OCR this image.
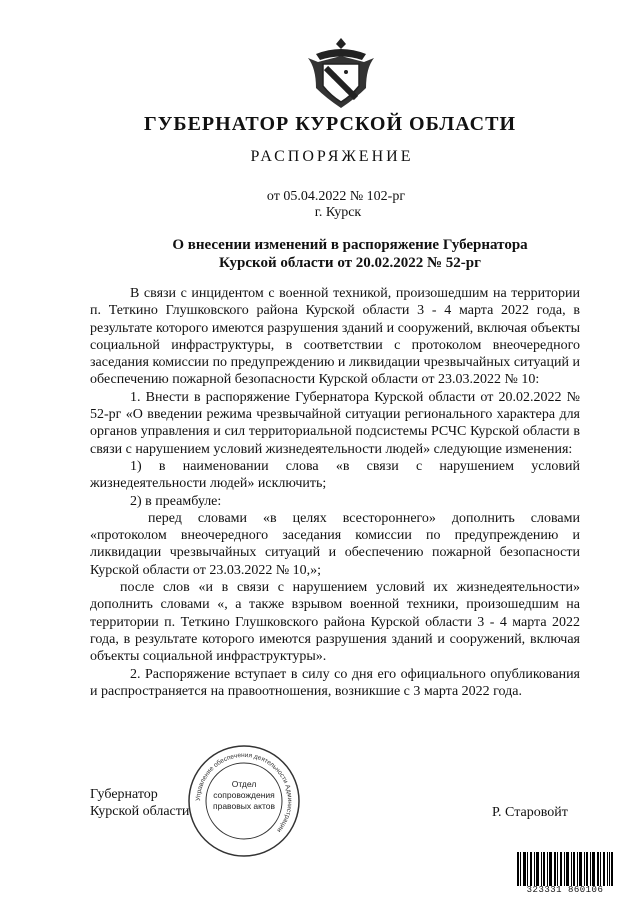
ГУБЕРНАТОР КУРСКОЙ ОБЛАСТИ
РАСПОРЯЖЕНИЕ
от 05.04.2022 № 102-рг
г. Курск
О внесении изменений в распоряжение Губернатора
Курской области от 20.02.2022 № 52-рг

В связи с инцидентом с военной техникой, произошедшим на территории п. Теткино Глушковского района Курской области 3 - 4 марта 2022 года, в результате которого имеются разрушения зданий и сооружений, включая объекты социальной инфраструктуры, в соответствии с протоколом внеочередного заседания комиссии по предупреждению и ликвидации чрезвычайных ситуаций и обеспечению пожарной безопасности Курской области от 23.03.2022 № 10:

1. Внести в распоряжение Губернатора Курской области от 20.02.2022 № 52-рг «О введении режима чрезвычайной ситуации регионального характера для органов управления и сил территориальной подсистемы РСЧС Курской области в связи с нарушением условий жизнедеятельности людей» следующие изменения:

1) в наименовании слова «в связи с нарушением условий жизнедеятельности людей» исключить;

2) в преамбуле:

перед словами «в целях всестороннего» дополнить словами «протоколом внеочередного заседания комиссии по предупреждению и ликвидации чрезвычайных ситуаций и обеспечению пожарной безопасности Курской области от 23.03.2022 № 10,»;

после слов «и в связи с нарушением условий их жизнедеятельности» дополнить словами «, а также взрывом военной техники, произошедшим на территории п. Теткино Глушковского района Курской области 3 - 4 марта 2022 года, в результате которого имеются разрушения зданий и сооружений, включая объекты социальной инфраструктуры».

2. Распоряжение вступает в силу со дня его официального опубликования и распространяется на правоотношения, возникшие с 3 марта 2022 года.

Губернатор
Курской области	Р. Старовойт
Управление обеспечения деятельности Администрации
Отдел сопровождения правовых актов
323331 860106
